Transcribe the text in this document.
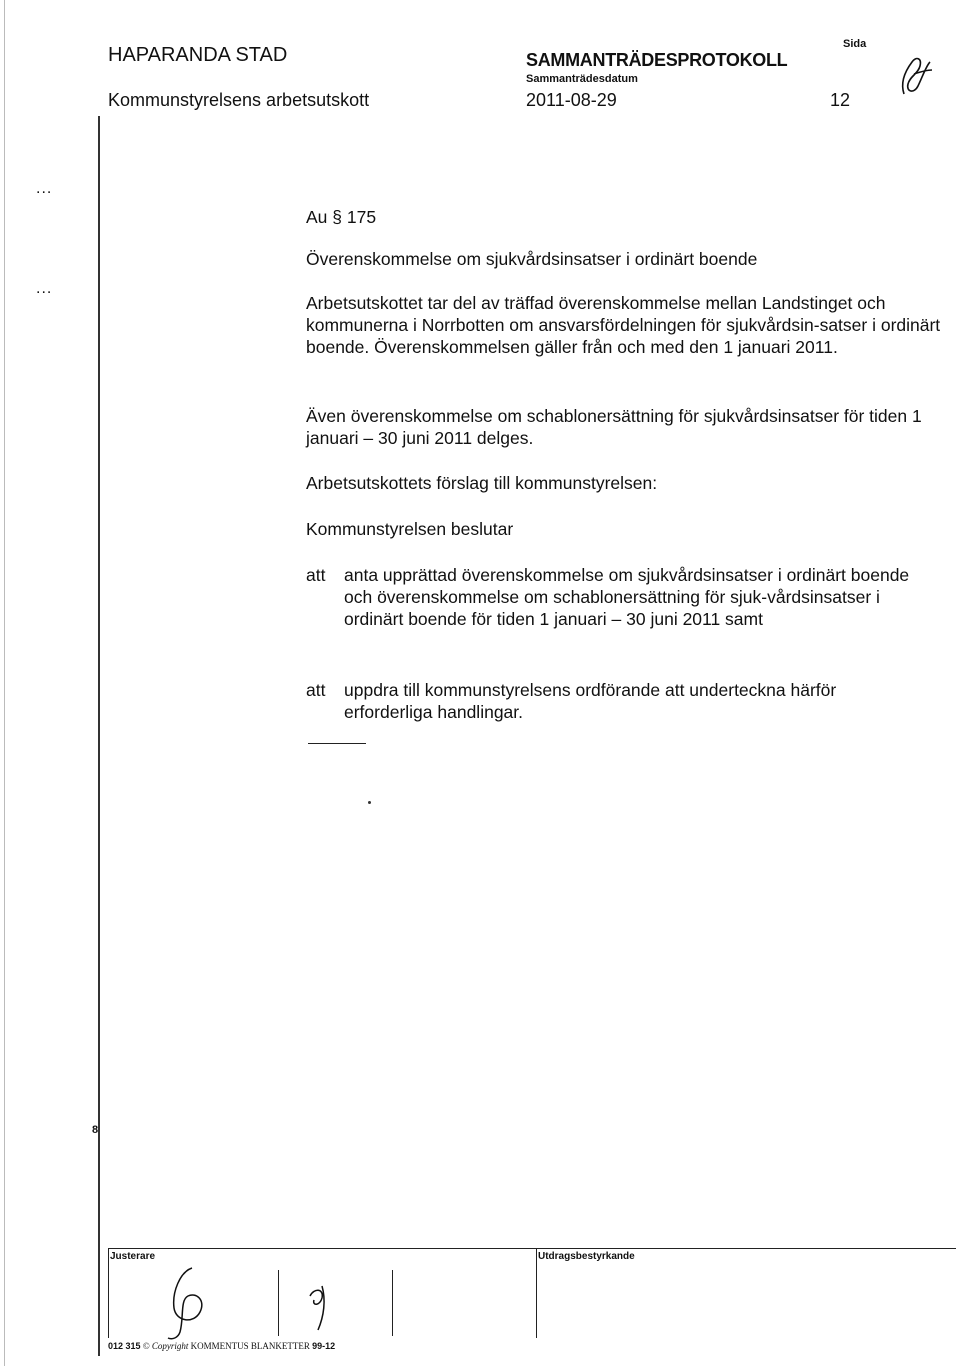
HAPARANDA STAD
Kommunstyrelsens arbetsutskott
SAMMANTRÄDESPROTOKOLL
Sammanträdesdatum
2011-08-29
Sida
12
...
...
8
Au § 175
Överenskommelse om sjukvårdsinsatser i ordinärt boende
Arbetsutskottet tar del av träffad överenskommelse mellan Landstinget och kommunerna i Norrbotten om ansvarsfördelningen för sjukvårdsin-satser i ordinärt boende. Överenskommelsen gäller från och med den 1 januari 2011.
Även överenskommelse om schablonersättning för sjukvårdsinsatser för tiden 1 januari – 30 juni 2011 delges.
Arbetsutskottets förslag till kommunstyrelsen:
Kommunstyrelsen beslutar
att anta upprättad överenskommelse om sjukvårdsinsatser i ordinärt boende och överenskommelse om schablonersättning för sjuk-vårdsinsatser i ordinärt boende för tiden 1 januari – 30 juni 2011 samt
att uppdra till kommunstyrelsens ordförande att underteckna härför erforderliga handlingar.
Justerare	Utdragsbestyrkande
012 315 © Copyright KOMMENTUS BLANKETTER 99-12
